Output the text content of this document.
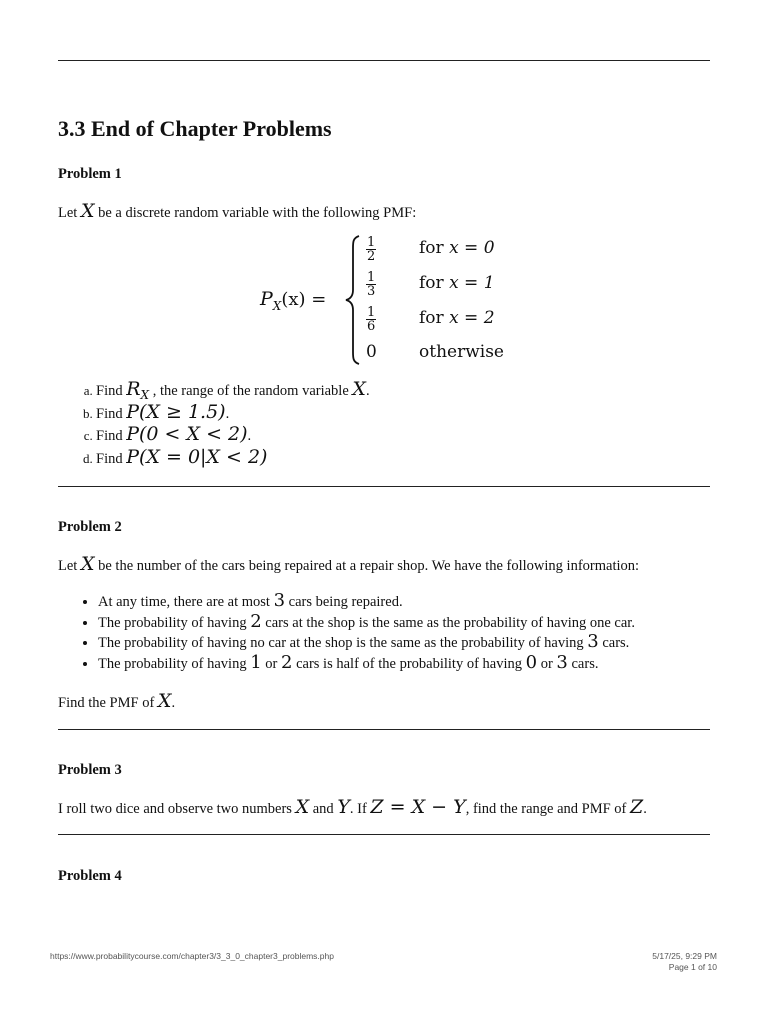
3.3 End of Chapter Problems
Problem 1
Let X be a discrete random variable with the following PMF:
$P_X(x)$ =
$\frac{1}{2}$	for x = 0
$\frac{1}{3}$	for x = 1
$\frac{1}{6}$	for x = 2
0 otherwise
a. Find $R_X$ , the range of the random variable X.
b. Find P(X ≥ 1.5).
c. Find P(0 < X < 2).
d. Find P(X = 0|X < 2)
Problem 2
Let X be the number of the cars being repaired at a repair shop. We have the following information:
• At any time, there are at most 3 cars being repaired.
• The probability of having 2 cars at the shop is the same as the probability of having one car.
• The probability of having no car at the shop is the same as the probability of having 3 cars.
• The probability of having 1 or 2 cars is half of the probability of having 0 or 3 cars.
Find the PMF of X.
Problem 3
I roll two dice and observe two numbers X and Y. If Z = X − Y, find the range and PMF of Z.
Problem 4
https://www.probabilitycourse.com/chapter3/3_3_0_chapter3_problems.php	5/17/25, 9:29 PM
Page 1 of 10
